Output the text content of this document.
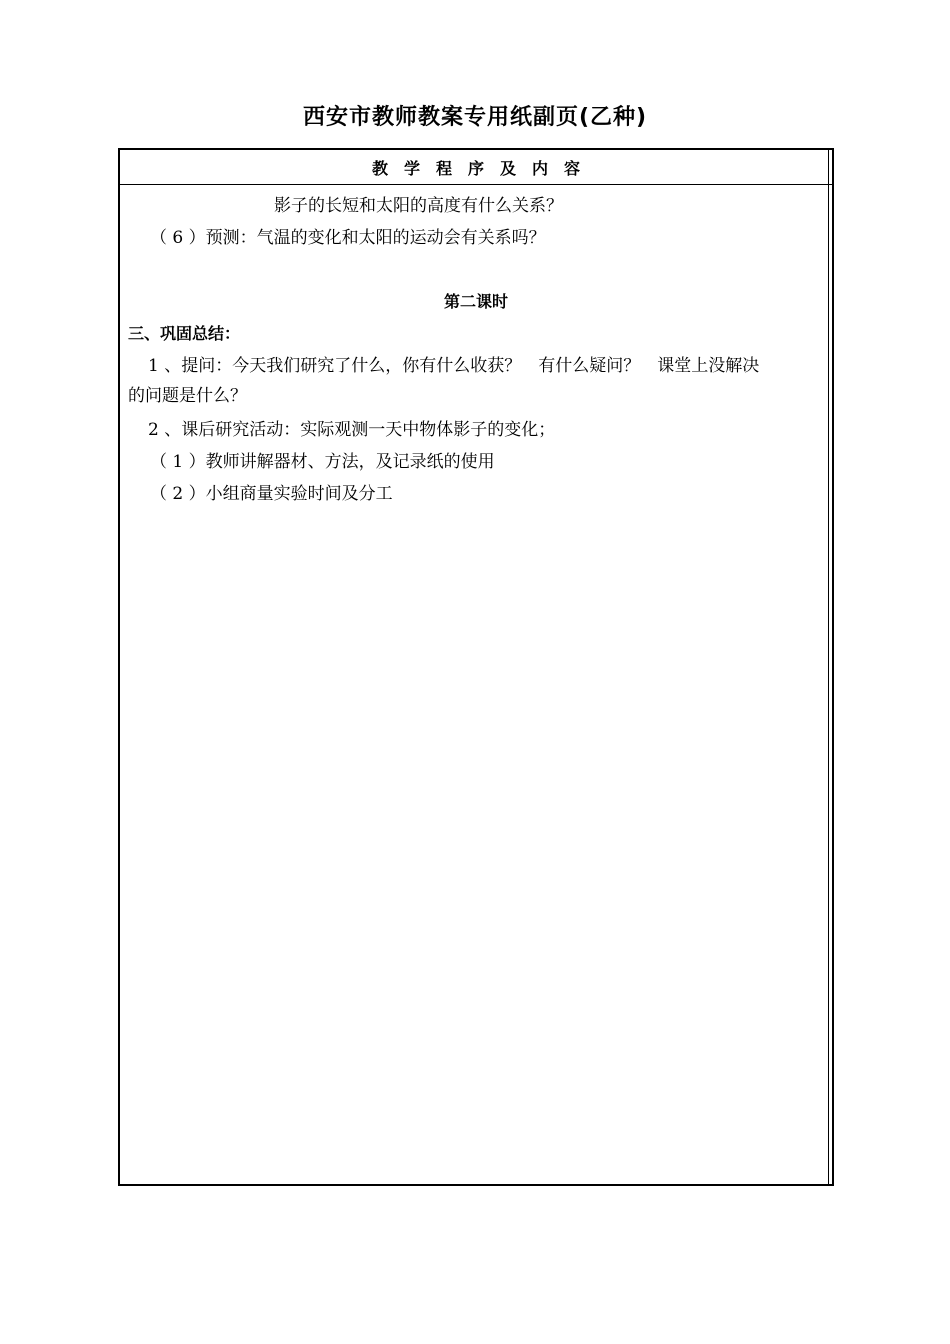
西安市教师教案专用纸副页(乙种)
教学程序及内容
影子的长短和太阳的高度有什么关系？
（ 6 ）预测：气温的变化和太阳的运动会有关系吗？
第二课时
三、巩固总结：
1 、提问：今天我们研究了什么，你有什么收获？　有什么疑问？　课堂上没解决
的问题是什么？
2 、课后研究活动：实际观测一天中物体影子的变化；
（ 1 ）教师讲解器材、方法，及记录纸的使用
（ 2 ）小组商量实验时间及分工
